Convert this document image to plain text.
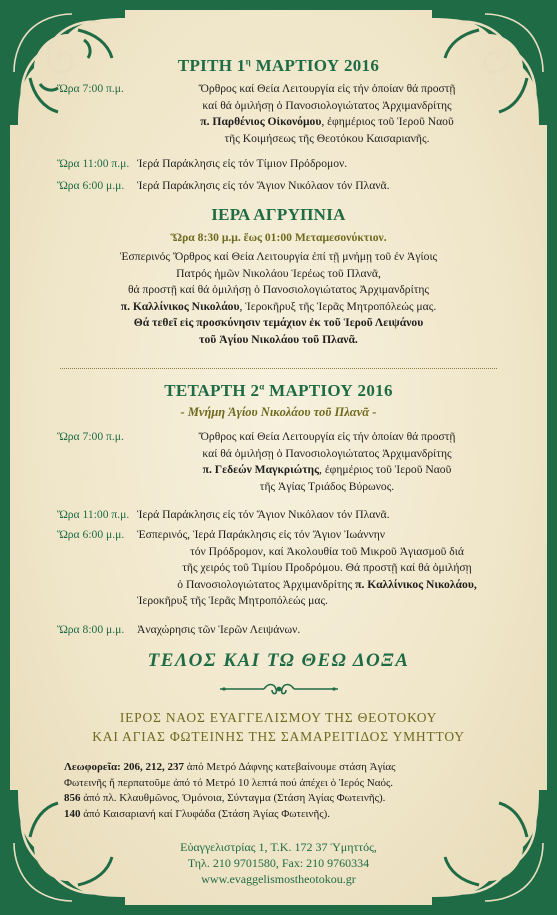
ΤΡΙΤΗ $1^\eta$ ΜΑΡΤΙΟΥ 2016
Ὥρα 7:00 π.μ.	Ὄρθρος καί Θεία Λειτουργία εἰς τήν ὁποίαν θά προστῇ
καί θά ὁμιλήσῃ ὁ Πανοσιολογιώτατος Ἀρχιμανδρίτης
π. Παρθένιος Οἰκονόμου, ἐφημέριος τοῦ Ἱεροῦ Ναοῦ
τῆς Κοιμήσεως τῆς Θεοτόκου Καισαριανῆς.
Ὥρα 11:00 π.μ. Ἱερά Παράκλησις εἰς τόν Τίμιον Πρόδρομον.
Ὥρα 6:00 μ.μ.	Ἱερά Παράκλησις εἰς τόν Ἅγιον Νικόλαον τόν Πλανᾶ.
ΙΕΡΑ ΑΓΡΥΠΝΙΑ
Ὥρα 8:30 μ.μ. ἕως 01:00 Μεταμεσονύκτιον.
Ἑσπερινός Ὄρθρος καί Θεία Λειτουργία ἐπί τῇ μνήμῃ τοῦ ἐν Ἁγίοις
Πατρός ἡμῶν Νικολάου Ἱερέως τοῦ Πλανᾶ,
θά προστῇ καί θά ὁμιλήσῃ ὁ Πανοσιολογιώτατος Ἀρχιμανδρίτης
π. Καλλίνικος Νικολάου, Ἱεροκῆρυξ τῆς Ἱερᾶς Μητροπόλεώς μας.
Θά τεθεῖ εἰς προσκύνησιν τεμάχιον ἐκ τοῦ Ἱεροῦ Λειψάνου
τοῦ Ἁγίου Νικολάου τοῦ Πλανᾶ.
ΤΕΤΑΡΤΗ $2^\alpha$ ΜΑΡΤΙΟΥ 2016
- Μνήμη Ἁγίου Νικολάου τοῦ Πλανᾶ -
Ὥρα 7:00 π.μ.	Ὄρθρος καί Θεία Λειτουργία εἰς τήν ὁποίαν θά προστῇ
καί θά ὁμιλήσῃ ὁ Πανοσιολογιώτατος Ἀρχιμανδρίτης
π. Γεδεών Μαγκριώτης, ἐφημέριος τοῦ Ἱεροῦ Ναοῦ
τῆς Ἁγίας Τριάδος Βύρωνος.
Ὥρα 11:00 π.μ. Ἱερά Παράκλησις εἰς τόν Ἅγιον Νικόλαον τόν Πλανᾶ.
Ὥρα 6:00 μ.μ.	Ἑσπερινός, Ἱερά Παράκλησις εἰς τόν Ἅγιον Ἰωάννην
τόν Πρόδρομον, καί Ἀκολουθία τοῦ Μικροῦ Ἁγιασμοῦ διά
τῆς χειρός τοῦ Τιμίου Προδρόμου. Θά προστῇ καί θά ὁμιλήσῃ
ὁ Πανοσιολογιώτατος Ἀρχιμανδρίτης π. Καλλίνικος Νικολάου,
Ἱεροκῆρυξ τῆς Ἱερᾶς Μητροπόλεώς μας.
Ὥρα 8:00 μ.μ.	Ἀναχώρησις τῶν Ἱερῶν Λειψάνων.
ΤΕΛΟΣ ΚΑΙ ΤΩ ΘΕΩ ΔΟΞΑ
ΙΕΡΟΣ ΝΑΟΣ ΕΥΑΓΓΕΛΙΣΜΟΥ ΤΗΣ ΘΕΟΤΟΚΟΥ
ΚΑΙ ΑΓΙΑΣ ΦΩΤΕΙΝΗΣ ΤΗΣ ΣΑΜΑΡΕΙΤΙΔΟΣ ΥΜΗΤΤΟΥ
Λεωφορεῖα: 206, 212, 237 ἀπό Μετρό Δάφνης κατεβαίνουμε στάση Ἁγίας
Φωτεινῆς ἤ περπατοῦμε ἀπό τό Μετρό 10 λεπτά πού ἀπέχει ὁ Ἱερός Ναός.
856 ἀπό πλ. Κλαυθμῶνος, Ὁμόνοια, Σύνταγμα (Στάση Ἁγίας Φωτεινῆς).
140 ἀπό Καισαριανή καί Γλυφάδα (Στάση Ἁγίας Φωτεινῆς).
Εὐαγγελιστρίας 1, Τ.Κ. 172 37 Ὑμηττός,
Τηλ. 210 9701580, Fax: 210 9760334
www.evaggelismostheotokou.gr
